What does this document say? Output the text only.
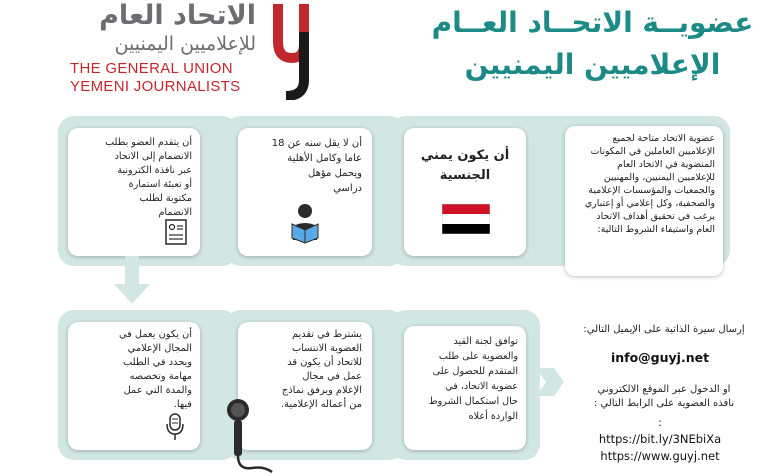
الاتحاد العام
للإعلاميين اليمنيين
THE GENERAL UNION
YEMENI JOURNALISTS
عضويــة الاتحــاد العــام
الإعلاميين اليمنيين
عضوية الاتحاد متاحة لجميع
الإعلاميين العاملين في المكونات
المنضوية في الاتحاد العام
للإعلاميين اليمنيين، والمهنيين
والجمعيات والمؤسسات الإعلامية
والصحفية، وكل إعلامي أو إعتباري
يرغب في تحقيق أهداف الاتحاد
العام واستيفاء الشروط التالية:
أن يكون يمني
الجنسية
أن لا يقل سنه عن 18
عاما وكامل الأهلية
ويحمل مؤهل
دراسي
أن يتقدم العضو بطلب
الانضمام إلى الاتحاد
عبر نافذة الكترونية
أو تعبئة استمارة
مكتوبة لطلب
الانضمام
أن يكون يعمل في
المجال الإعلامي
ويحدد في الطلب
مهامة وتخصصه
والمدة التي عمل
فيها.
يشترط في تقديم
العضوية الانتساب
للاتحاد أن يكون قد
عمل في مجال
الإعلام ويرفق نماذج
من أعماله الإعلامية.
توافق لجنة القيد
والعضوية على طلب
المتقدم للحصول على
عضوية الاتحاد، في
حال استكمال الشروط
الواردة أعلاه
إرسال سيرة الذاتية على الإيميل التالي:
info@guyj.net
او الدخول عبر الموقع الالكتروني
نافذه العضوية على الرابط التالي :
:
https://bit.ly/3NEbiXa
https://www.guyj.net
